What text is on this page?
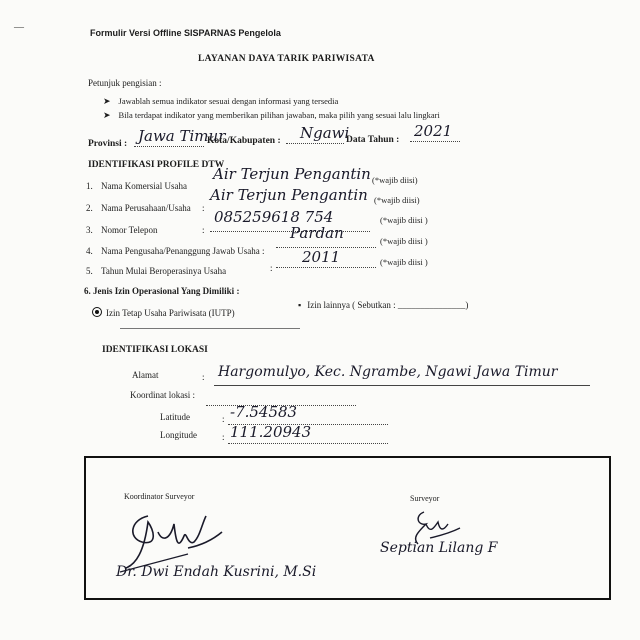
—	Formulir Versi Offline SISPARNAS Pengelola
LAYANAN DAYA TARIK PARIWISATA
Petunjuk pengisian :
➤ Jawablah semua indikator sesuai dengan informasi yang tersedia
➤ Bila terdapat indikator yang memberikan pilihan jawaban, maka pilih yang sesuai lalu lingkari
Provinsi : Jawa Timur
Kota/Kabupaten : Ngawi
Data Tahun : 2021
IDENTIFIKASI PROFILE DTW
1. Nama Komersial Usaha
Air Terjun Pengantin (*wajib diisi)
2. Nama Perusahaan/Usaha :
Air Terjun Pengantin (*wajib diisi)
3. Nomor Telepon	:
085259618 754	(*wajib diisi )
4. Nama Pengusaha/Penanggung Jawab Usaha :
Pardan	(*wajib diisi )
5. Tahun Mulai Beroperasinya Usaha	:
2011	(*wajib diisi )
6. Jenis Izin Operasional Yang Dimiliki :
Izin Tetap Usaha Pariwisata (IUTP)
▪ Izin lainnya ( Sebutkan : _______________)
IDENTIFIKASI LOKASI
Alamat	: Hargomulyo, Kec. Ngrambe, Ngawi Jawa Timur
Koordinat lokasi :
Latitude	: -7.54583
Longitude	: 111.20943
Koordinator Surveyor
Dr. Dwi Endah Kusrini, M.Si
Surveyor
Septian Lilang F
